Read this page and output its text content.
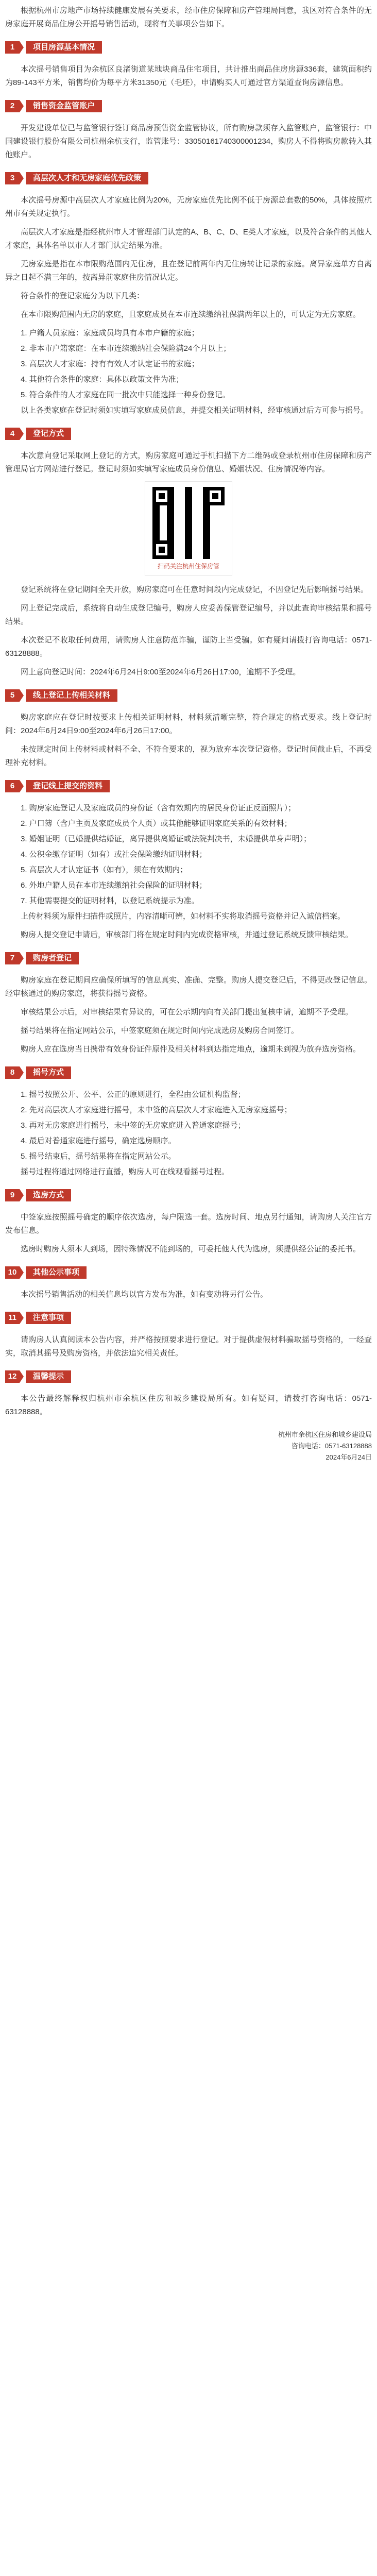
根据杭州市房地产市场持续健康发展有关要求，经市住房保障和房产管理局同意，我区对符合条件的无房家庭开展商品住房公开摇号销售活动，现将有关事项公告如下。

1	项目房源基本情况

本次摇号销售项目为余杭区良渚街道某地块商品住宅项目，共计推出商品住房房源336套，建筑面积约为89-143平方米，销售均价为每平方米31350元（毛坯），申请购买人可通过官方渠道查询房源信息。

2	销售资金监管账户

开发建设单位已与监管银行签订商品房预售资金监管协议，所有购房款须存入监管账户，监管银行：中国建设银行股份有限公司杭州余杭支行，监管账号：33050161740300001234，购房人不得将购房款转入其他账户。

3	高层次人才和无房家庭优先政策

本次摇号房源中高层次人才家庭比例为20%，无房家庭优先比例不低于房源总套数的50%，具体按照杭州市有关规定执行。

高层次人才家庭是指经杭州市人才管理部门认定的A、B、C、D、E类人才家庭，以及符合条件的其他人才家庭，具体名单以市人才部门认定结果为准。

无房家庭是指在本市限购范围内无住房，且在登记前两年内无住房转让记录的家庭。离异家庭单方自离异之日起不满三年的，按离异前家庭住房情况认定。

符合条件的登记家庭分为以下几类：

在本市限购范围内无房的家庭，且家庭成员在本市连续缴纳社保满两年以上的，可认定为无房家庭。

1. 户籍人员家庭：家庭成员均具有本市户籍的家庭；

2. 非本市户籍家庭：在本市连续缴纳社会保险满24个月以上；

3. 高层次人才家庭：持有有效人才认定证书的家庭；

4. 其他符合条件的家庭：具体以政策文件为准；

5. 符合条件的人才家庭在同一批次中只能选择一种身份登记。

以上各类家庭在登记时须如实填写家庭成员信息，并提交相关证明材料，经审核通过后方可参与摇号。

4	登记方式

本次意向登记采取网上登记的方式，购房家庭可通过手机扫描下方二维码或登录杭州市住房保障和房产管理局官方网站进行登记。登记时须如实填写家庭成员身份信息、婚姻状况、住房情况等内容。

扫码关注杭州住保房管

登记系统将在登记期间全天开放，购房家庭可在任意时间段内完成登记，不因登记先后影响摇号结果。

网上登记完成后，系统将自动生成登记编号，购房人应妥善保管登记编号，并以此查询审核结果和摇号结果。

本次登记不收取任何费用，请购房人注意防范诈骗，谨防上当受骗。如有疑问请拨打咨询电话：0571-63128888。

网上意向登记时间：2024年6月24日9:00至2024年6月26日17:00，逾期不予受理。

5	线上登记上传相关材料

购房家庭应在登记时按要求上传相关证明材料，材料须清晰完整，符合规定的格式要求。线上登记时间：2024年6月24日9:00至2024年6月26日17:00。

未按规定时间上传材料或材料不全、不符合要求的，视为放弃本次登记资格。登记时间截止后，不再受理补充材料。

6	登记线上提交的资料

1. 购房家庭登记人及家庭成员的身份证（含有效期内的居民身份证正反面照片）；

2. 户口簿（含户主页及家庭成员个人页）或其他能够证明家庭关系的有效材料；

3. 婚姻证明（已婚提供结婚证，离异提供离婚证或法院判决书，未婚提供单身声明）；

4. 公积金缴存证明（如有）或社会保险缴纳证明材料；

5. 高层次人才认定证书（如有），须在有效期内；

6. 外地户籍人员在本市连续缴纳社会保险的证明材料；

7. 其他需要提交的证明材料，以登记系统提示为准。

上传材料须为原件扫描件或照片，内容清晰可辨，如材料不实将取消摇号资格并记入诚信档案。

购房人提交登记申请后，审核部门将在规定时间内完成资格审核，并通过登记系统反馈审核结果。

7	购房者登记

购房家庭在登记期间应确保所填写的信息真实、准确、完整。购房人提交登记后，不得更改登记信息。经审核通过的购房家庭，将获得摇号资格。

审核结果公示后，对审核结果有异议的，可在公示期内向有关部门提出复核申请，逾期不予受理。

摇号结果将在指定网站公示，中签家庭须在规定时间内完成选房及购房合同签订。

购房人应在选房当日携带有效身份证件原件及相关材料到达指定地点，逾期未到视为放弃选房资格。

8	摇号方式

1. 摇号按照公开、公平、公正的原则进行，全程由公证机构监督；

2. 先对高层次人才家庭进行摇号，未中签的高层次人才家庭进入无房家庭摇号；

3. 再对无房家庭进行摇号，未中签的无房家庭进入普通家庭摇号；

4. 最后对普通家庭进行摇号，确定选房顺序。

5. 摇号结束后，摇号结果将在指定网站公示。

摇号过程将通过网络进行直播，购房人可在线观看摇号过程。

9	选房方式

中签家庭按照摇号确定的顺序依次选房，每户限选一套。选房时间、地点另行通知，请购房人关注官方发布信息。

选房时购房人须本人到场，因特殊情况不能到场的，可委托他人代为选房，须提供经公证的委托书。

10	其他公示事项

本次摇号销售活动的相关信息均以官方发布为准，如有变动将另行公告。

11	注意事项

请购房人认真阅读本公告内容，并严格按照要求进行登记。对于提供虚假材料骗取摇号资格的，一经查实，取消其摇号及购房资格，并依法追究相关责任。

12	温馨提示

本公告最终解释权归杭州市余杭区住房和城乡建设局所有。如有疑问，请拨打咨询电话：0571-63128888。

杭州市余杭区住房和城乡建设局
咨询电话：0571-63128888
2024年6月24日
